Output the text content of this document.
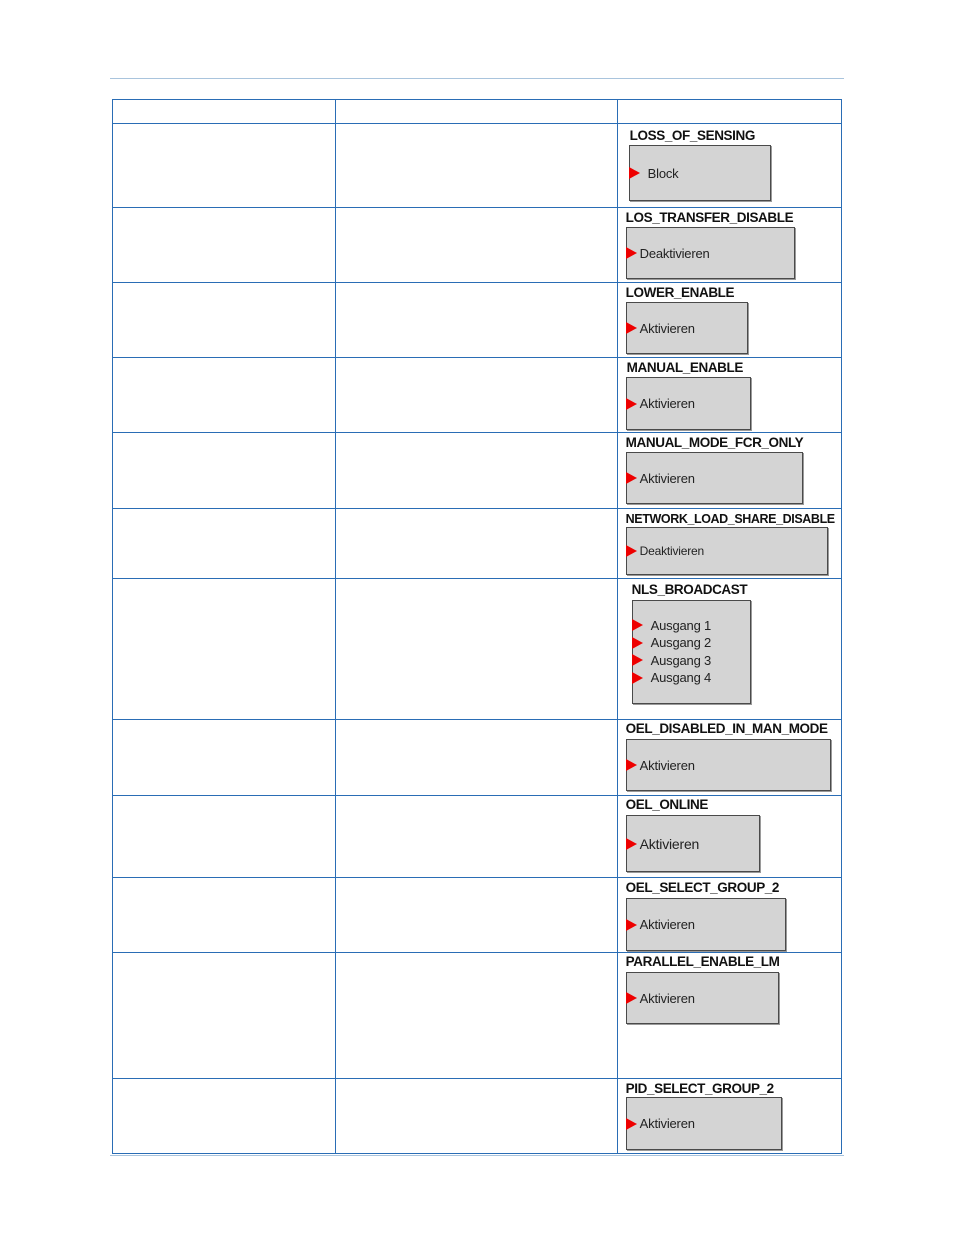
		LOSS_OF_SENSING
Block

		LOS_TRANSFER_DISABLE
Deaktivieren

		LOWER_ENABLE
Aktivieren

		MANUAL_ENABLE
Aktivieren

		MANUAL_MODE_FCR_ONLY
Aktivieren

		NETWORK_LOAD_SHARE_DISABLE
Deaktivieren

		NLS_BROADCAST
Ausgang 1
Ausgang 2
Ausgang 3
Ausgang 4

		OEL_DISABLED_IN_MAN_MODE
Aktivieren

		OEL_ONLINE
Aktivieren

		OEL_SELECT_GROUP_2
Aktivieren

		PARALLEL_ENABLE_LM
Aktivieren

		PID_SELECT_GROUP_2
Aktivieren
